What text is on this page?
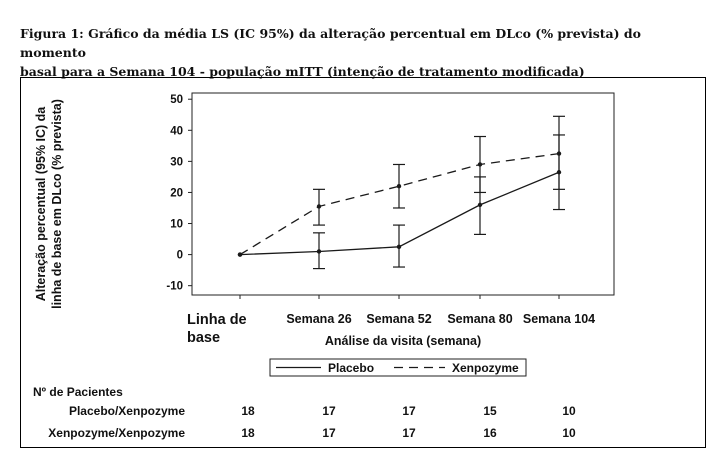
Figura 1: Gráfico da média LS (IC 95%) da alteração percentual em DLco (% prevista) do momento
basal para a Semana 104 - população mITT (intenção de tratamento modificada)
-10
0
10
20
30
40
50
Alteração percentual (95% IC) da linha de base em DLco (% prevista)
Linha de
base
Semana 26 Semana 52 Semana 80 Semana 104
Análise da visita (semana)
Placebo	Xenpozyme
Nº de Pacientes
Placebo/Xenpozyme	18	17	17	15	10
Xenpozyme/Xenpozyme	18	17	17	16	10
